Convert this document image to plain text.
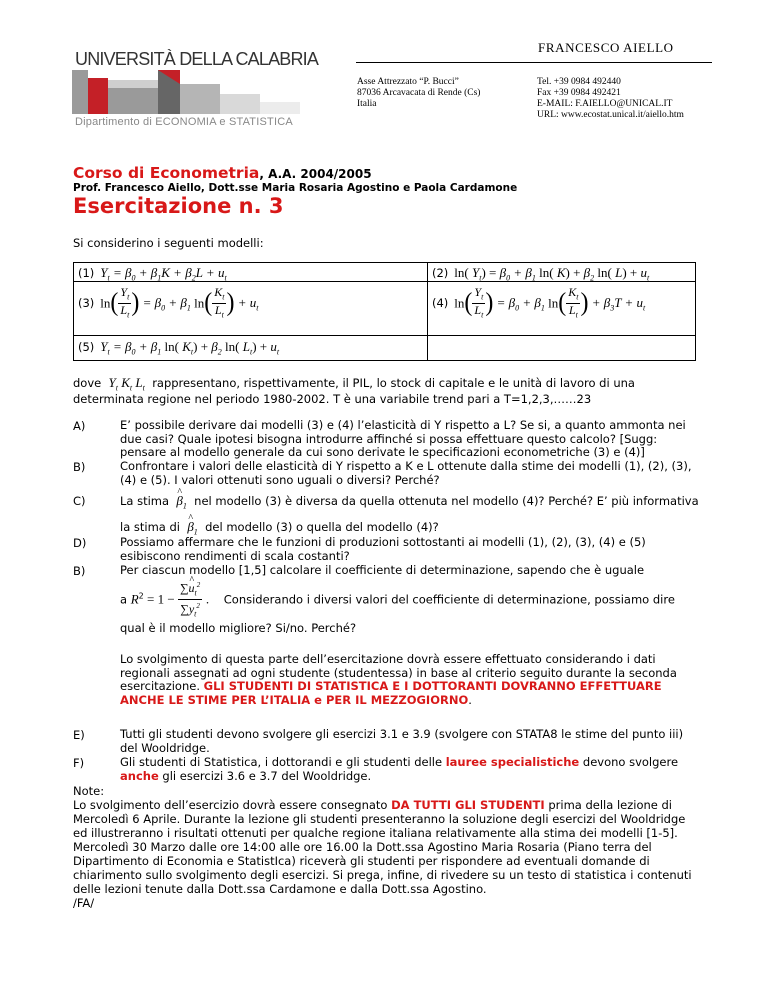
UNIVERSITÀ DELLA CALABRIA
Dipartimento di ECONOMIA e STATISTICA
FRANCESCO AIELLO
Asse Attrezzato “P. Bucci”
87036 Arcavacata di Rende (Cs)
Italia
Tel. +39 0984 492440
Fax +39 0984 492421
E-MAIL: F.AIELLO@UNICAL.IT
URL: www.ecostat.unical.it/aiello.htm
Corso di Econometria, A.A. 2004/2005
Prof. Francesco Aiello, Dott.sse Maria Rosaria Agostino e Paola Cardamone
Esercitazione n. 3
Si considerino i seguenti modelli:
(1) $Y_t = \beta_0 + \beta_1K + \beta_2L + u_t$	(2) ln( $Y_t) = \beta_0 + \beta_1$ ln( $K) + \beta_2$ ln( $L) + u_t$
(3) $\ln( \frac{Y_t}{L_t}$ ) = $\beta_0 + \beta_1$ $\ln( \frac{K_t}{L_t}$ ) + $u_t$	(4) $\ln( \frac{Y_t}{L_t}$ ) = $\beta_0 + \beta_1$ $\ln( \frac{K_t}{L_t}$ ) + $\beta_3T + u_t$
(5) $Y_t = \beta_0 + \beta_1$ ln( $K_t) + \beta_2$ ln( $L_t) + u_t$
dove  $Y_t$ $K_t$ $L_t$ rappresentano, rispettivamente, il PIL, lo stock di capitale e le unità di lavoro di una
determinata regione nel periodo 1980-2002. T è una variabile trend pari a T=1,2,3,……23
A)	E’ possibile derivare dai modelli (3) e (4) l’elasticità di Y rispetto a L? Se si, a quanto ammonta nei due casi? Quale ipotesi bisogna introdurre affinché si possa effettuare questo calcolo? [Sugg: pensare al modello generale da cui sono derivate le specificazioni econometriche (3) e (4)]
B)	Confrontare i valori delle elasticità di Y rispetto a K e L ottenute dalla stime dei modelli (1), (2), (3), (4) e (5). I valori ottenuti sono uguali o diversi? Perché?
C)	La stima ^ $\beta_1$ nel modello (3) è diversa da quella ottenuta nel modello (4)? Perché? E’ più informativa
la stima di ^ $\beta_1$ del modello (3) o quella del modello (4)?
D)	Possiamo affermare che le funzioni di produzioni sottostanti ai modelli (1), (2), (3), (4) e (5) esibiscono rendimenti di scala costanti?
B)	Per ciascun modello [1,5] calcolare il coefficiente di determinazione, sapendo che è uguale
a $R^2 = 1 - \frac{\sum\^{} u_t^2}{\sum y_t^2}$ . Considerando i diversi valori del coefficiente di determinazione, possiamo dire
qual è il modello migliore? Si/no. Perché?
Lo svolgimento di questa parte dell’esercitazione dovrà essere effettuato considerando i dati regionali assegnati ad ogni studente (studentessa) in base al criterio seguito durante la seconda esercitazione. GLI STUDENTI DI STATISTICA E I DOTTORANTI DOVRANNO EFFETTUARE ANCHE LE STIME PER L’ITALIA e PER IL MEZZOGIORNO.
E)	Tutti gli studenti devono svolgere gli esercizi 3.1 e 3.9 (svolgere con STATA8 le stime del punto iii) del Wooldridge.
F)	Gli studenti di Statistica, i dottorandi e gli studenti delle lauree specialistiche devono svolgere anche gli esercizi 3.6 e 3.7 del Wooldridge.
Note:
Lo svolgimento dell’esercizio dovrà essere consegnato DA TUTTI GLI STUDENTI prima della lezione di Mercoledì 6 Aprile. Durante la lezione gli studenti presenteranno la soluzione degli esercizi del Wooldridge ed illustreranno i risultati ottenuti per qualche regione italiana relativamente alla stima dei modelli [1-5]. Mercoledì 30 Marzo dalle ore 14:00 alle ore 16.00 la Dott.ssa Agostino Maria Rosaria (Piano terra del Dipartimento di Economia e StatistIca) riceverà gli studenti per rispondere ad eventuali domande di chiarimento sullo svolgimento degli esercizi. Si prega, infine, di rivedere su un testo di statistica i contenuti delle lezioni tenute dalla Dott.ssa Cardamone e dalla Dott.ssa Agostino.
/FA/
